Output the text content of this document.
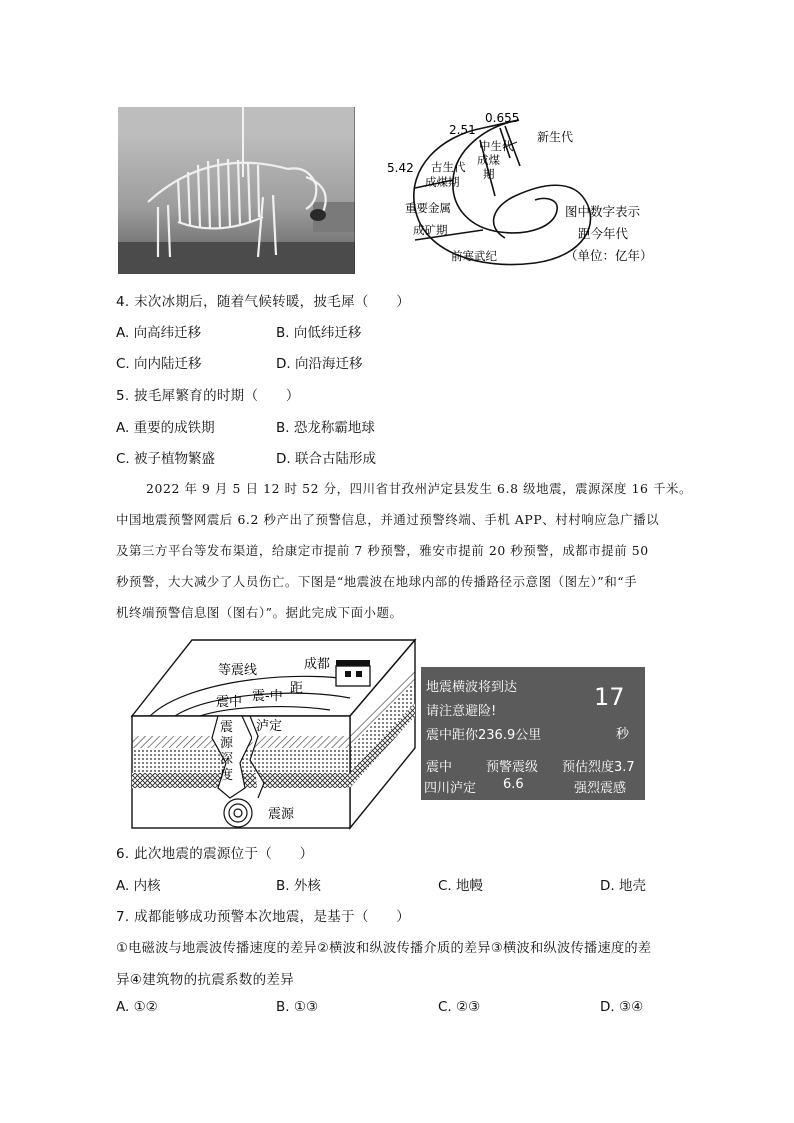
0.655
2.51
5.42
新生代
中生代
成煤
期
古生代
成煤期
重要金属
成矿期
前寒武纪
图中数字表示
距今年代
（单位：亿年）
4. 末次冰期后，随着气候转暖，披毛犀（　　）
A. 向高纬迁移	B. 向低纬迁移
C. 向内陆迁移	D. 向沿海迁移
5. 披毛犀繁育的时期（　　）
A. 重要的成铁期	B. 恐龙称霸地球
C. 被子植物繁盛	D. 联合古陆形成
2022 年 9 月 5 日 12 时 52 分，四川省甘孜州泸定县发生 6.8 级地震，震源深度 16 千米。
中国地震预警网震后 6.2 秒产出了预警信息，并通过预警终端、手机 APP、村村响应急广播以
及第三方平台等发布渠道，给康定市提前 7 秒预警，雅安市提前 20 秒预警，成都市提前 50
秒预警，大大减少了人员伤亡。下图是“地震波在地球内部的传播路径示意图（图左）”和“手
机终端预警信息图（图右）”。据此完成下面小题。
等震线	成都
震中 震-中
距
泸定
震
源
深
度
震源
地震横波将到达
请注意避险!
震中距你236.9公里
17
秒
震中	预警震级 预估烈度3.7
四川泸定 6.6	强烈震感
6. 此次地震的震源位于（　　）
A. 内核	B. 外核	C. 地幔	D. 地壳
7. 成都能够成功预警本次地震，是基于（　　）
①电磁波与地震波传播速度的差异②横波和纵波传播介质的差异③横波和纵波传播速度的差
异④建筑物的抗震系数的差异
A. ①②	B. ①③	C. ②③	D. ③④
